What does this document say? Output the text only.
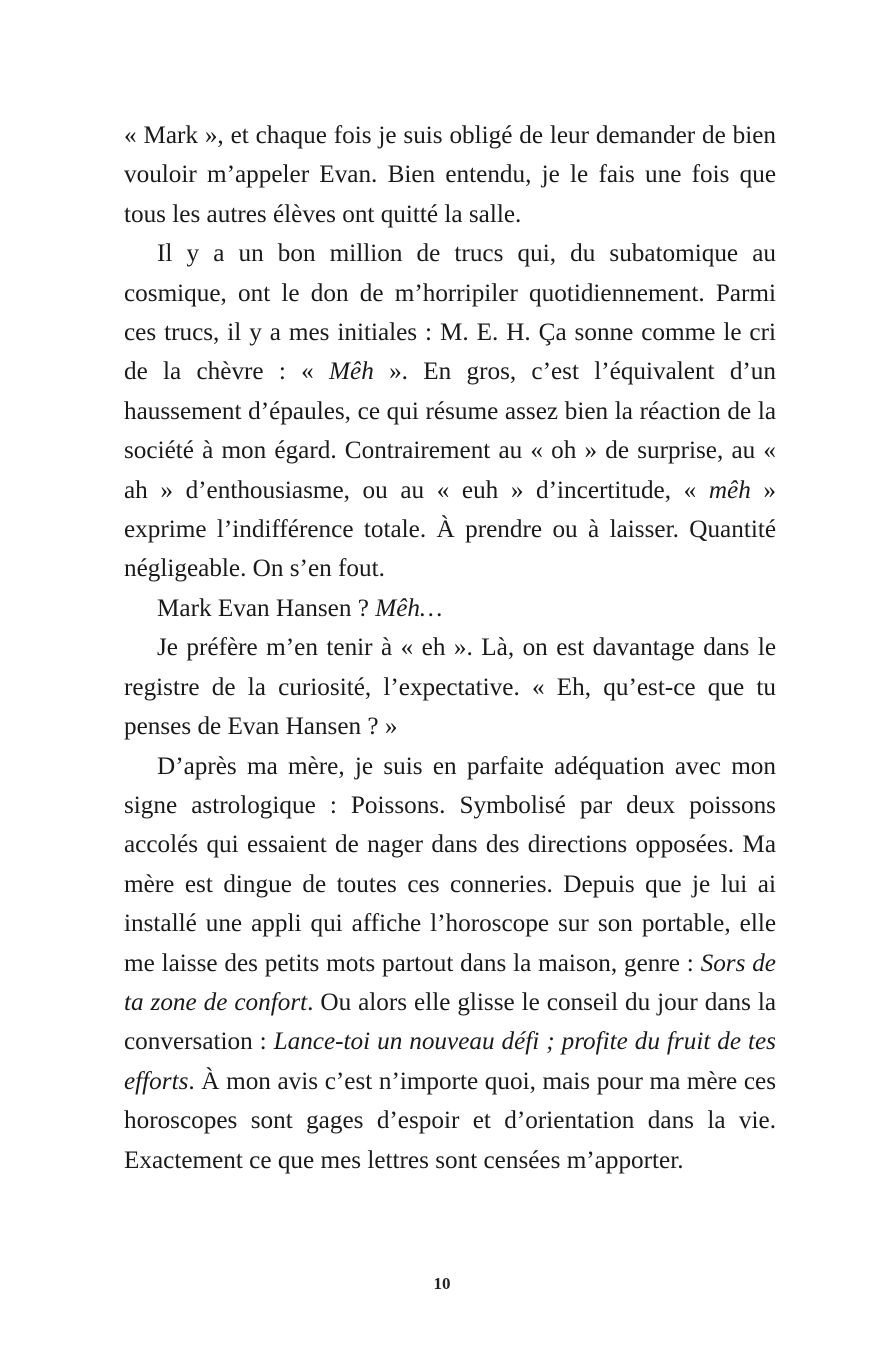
« Mark », et chaque fois je suis obligé de leur demander de bien vouloir m’appeler Evan. Bien entendu, je le fais une fois que tous les autres élèves ont quitté la salle.

Il y a un bon million de trucs qui, du subatomique au cosmique, ont le don de m’horripiler quotidiennement. Parmi ces trucs, il y a mes initiales : M. E. H. Ça sonne comme le cri de la chèvre : « Mêh ». En gros, c’est l’équivalent d’un haussement d’épaules, ce qui résume assez bien la réaction de la société à mon égard. Contrairement au « oh » de surprise, au « ah » d’enthousiasme, ou au « euh » d’incertitude, « mêh » exprime l’indifférence totale. À prendre ou à laisser. Quantité négligeable. On s’en fout.

Mark Evan Hansen ? Mêh…

Je préfère m’en tenir à « eh ». Là, on est davantage dans le registre de la curiosité, l’expectative. « Eh, qu’est-ce que tu penses de Evan Hansen ? »

D’après ma mère, je suis en parfaite adéquation avec mon signe astrologique : Poissons. Symbolisé par deux poissons accolés qui essaient de nager dans des directions opposées. Ma mère est dingue de toutes ces conneries. Depuis que je lui ai installé une appli qui affiche l’horoscope sur son portable, elle me laisse des petits mots partout dans la maison, genre : Sors de ta zone de confort. Ou alors elle glisse le conseil du jour dans la conversation : Lance-toi un nouveau défi ; profite du fruit de tes efforts. À mon avis c’est n’importe quoi, mais pour ma mère ces horoscopes sont gages d’espoir et d’orientation dans la vie. Exactement ce que mes lettres sont censées m’apporter.

10
